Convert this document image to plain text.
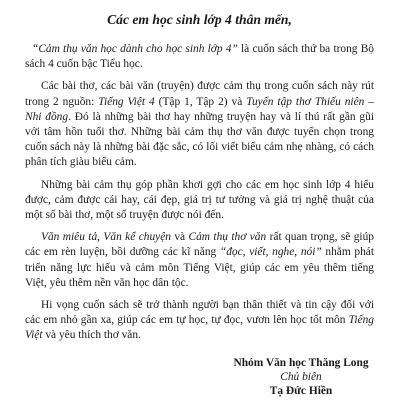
Các em học sinh lớp 4 thân mến,

“Cảm thụ văn học dành cho học sinh lớp 4” là cuốn sách thứ ba trong Bộ sách 4 cuốn bậc Tiểu học.

Các bài thơ, các bài văn (truyện) được cảm thụ trong cuốn sách này rút trong 2 nguồn: Tiếng Việt 4 (Tập 1, Tập 2) và Tuyển tập thơ Thiếu niên – Nhi đồng. Đó là những bài thơ hay những truyện hay và lí thú rất gần gũi với tâm hồn tuổi thơ. Những bài cảm thụ thơ văn được tuyển chọn trong cuốn sách này là những bài đặc sắc, có lối viết biểu cảm nhẹ nhàng, có cách phân tích giàu biểu cảm.

Những bài cảm thụ góp phần khơi gợi cho các em học sinh lớp 4 hiểu được, cảm được cái hay, cái đẹp, giá trị tư tưởng và giá trị nghệ thuật của một số bài thơ, một số truyện được nói đến.

Văn miêu tả, Văn kể chuyện và Cảm thụ thơ văn rất quan trọng, sẽ giúp các em rèn luyện, bồi dưỡng các kĩ năng “đọc, viết, nghe, nói” nhằm phát triển năng lực hiểu và cảm môn Tiếng Việt, giúp các em yêu thêm tiếng Việt, yêu thêm nền văn học dân tộc.

Hi vọng cuốn sách sẽ trở thành người bạn thân thiết và tin cậy đối với các em nhỏ gần xa, giúp các em tự học, tự đọc, vươn lên học tốt môn Tiếng Việt và yêu thích thơ văn.

Nhóm Văn học Thăng Long
Chủ biên
Tạ Đức Hiền
